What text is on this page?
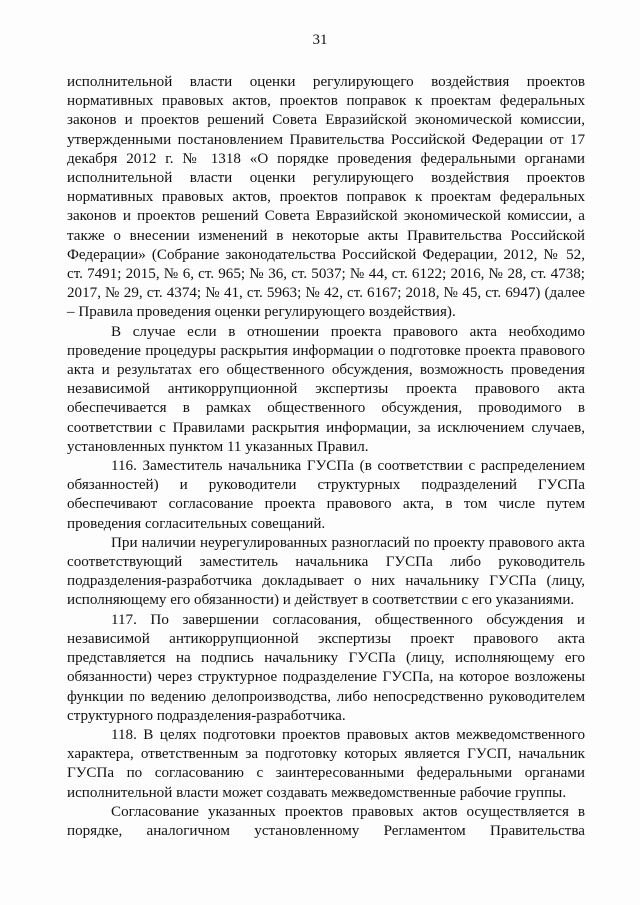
31

исполнительной власти оценки регулирующего воздействия проектов нормативных правовых актов, проектов поправок к проектам федеральных законов и проектов решений Совета Евразийской экономической комиссии, утвержденными постановлением Правительства Российской Федерации от 17 декабря 2012 г. № 1318 «О порядке проведения федеральными органами исполнительной власти оценки регулирующего воздействия проектов нормативных правовых актов, проектов поправок к проектам федеральных законов и проектов решений Совета Евразийской экономической комиссии, а также о внесении изменений в некоторые акты Правительства Российской Федерации» (Собрание законодательства Российской Федерации, 2012, № 52, ст. 7491; 2015, № 6, ст. 965; № 36, ст. 5037; № 44, ст. 6122; 2016, № 28, ст. 4738; 2017, № 29, ст. 4374; № 41, ст. 5963; № 42, ст. 6167; 2018, № 45, ст. 6947) (далее – Правила проведения оценки регулирующего воздействия).

В случае если в отношении проекта правового акта необходимо проведение процедуры раскрытия информации о подготовке проекта правового акта и результатах его общественного обсуждения, возможность проведения независимой антикоррупционной экспертизы проекта правового акта обеспечивается в рамках общественного обсуждения, проводимого в соответствии с Правилами раскрытия информации, за исключением случаев, установленных пунктом 11 указанных Правил.

116. Заместитель начальника ГУСПа (в соответствии с распределением обязанностей) и руководители структурных подразделений ГУСПа обеспечивают согласование проекта правового акта, в том числе путем проведения согласительных совещаний.

При наличии неурегулированных разногласий по проекту правового акта соответствующий заместитель начальника ГУСПа либо руководитель подразделения-разработчика докладывает о них начальнику ГУСПа (лицу, исполняющему его обязанности) и действует в соответствии с его указаниями.

117. По завершении согласования, общественного обсуждения и независимой антикоррупционной экспертизы проект правового акта представляется на подпись начальнику ГУСПа (лицу, исполняющему его обязанности) через структурное подразделение ГУСПа, на которое возложены функции по ведению делопроизводства, либо непосредственно руководителем структурного подразделения-разработчика.

118. В целях подготовки проектов правовых актов межведомственного характера, ответственным за подготовку которых является ГУСП, начальник ГУСПа по согласованию с заинтересованными федеральными органами исполнительной власти может создавать межведомственные рабочие группы.

Согласование указанных проектов правовых актов осуществляется в порядке, аналогичном установленному Регламентом Правительства
